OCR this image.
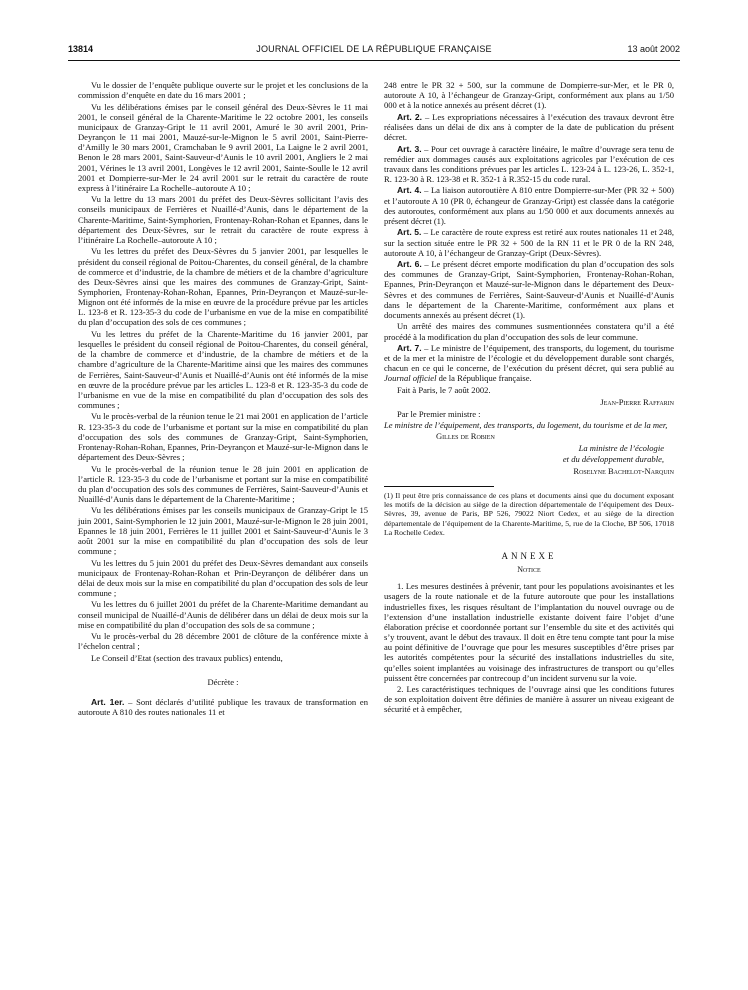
13814	JOURNAL OFFICIEL DE LA RÉPUBLIQUE FRANÇAISE	13 août 2002

Vu le dossier de l’enquête publique ouverte sur le projet et les conclusions de la commission d’enquête en date du 16 mars 2001 ;

Vu les délibérations émises par le conseil général des Deux-Sèvres le 11 mai 2001, le conseil général de la Charente-Maritime le 22 octobre 2001, les conseils municipaux de Granzay-Gript le 11 avril 2001, Amuré le 30 avril 2001, Prin-Deyrançon le 11 mai 2001, Mauzé-sur-le-Mignon le 5 avril 2001, Saint-Pierre-d’Amilly le 30 mars 2001, Cramchaban le 9 avril 2001, La Laigne le 2 avril 2001, Benon le 28 mars 2001, Saint-Sauveur-d’Aunis le 10 avril 2001, Angliers le 2 mai 2001, Vérines le 13 avril 2001, Longèves le 12 avril 2001, Sainte-Soulle le 12 avril 2001 et Dompierre-sur-Mer le 24 avril 2001 sur le retrait du caractère de route express à l’itinéraire La Rochelle–autoroute A 10 ;

Vu la lettre du 13 mars 2001 du préfet des Deux-Sèvres sollicitant l’avis des conseils municipaux de Ferrières et Nuaillé-d’Aunis, dans le département de la Charente-Maritime, Saint-Symphorien, Frontenay-Rohan-Rohan et Epannes, dans le département des Deux-Sèvres, sur le retrait du caractère de route express à l’itinéraire La Rochelle–autoroute A 10 ;

Vu les lettres du préfet des Deux-Sèvres du 5 janvier 2001, par lesquelles le président du conseil régional de Poitou-Charentes, du conseil général, de la chambre de commerce et d’industrie, de la chambre de métiers et de la chambre d’agriculture des Deux-Sèvres ainsi que les maires des communes de Granzay-Gript, Saint-Symphorien, Frontenay-Rohan-Rohan, Epannes, Prin-Deyrançon et Mauzé-sur-le-Mignon ont été informés de la mise en œuvre de la procédure prévue par les articles L. 123-8 et R. 123-35-3 du code de l’urbanisme en vue de la mise en compatibilité du plan d’occupation des sols de ces communes ;

Vu les lettres du préfet de la Charente-Maritime du 16 janvier 2001, par lesquelles le président du conseil régional de Poitou-Charentes, du conseil général, de la chambre de commerce et d’industrie, de la chambre de métiers et de la chambre d’agriculture de la Charente-Maritime ainsi que les maires des communes de Ferrières, Saint-Sauveur-d’Aunis et Nuaillé-d’Aunis ont été informés de la mise en œuvre de la procédure prévue par les articles L. 123-8 et R. 123-35-3 du code de l’urbanisme en vue de la mise en compatibilité du plan d’occupation des sols des communes ;

Vu le procès-verbal de la réunion tenue le 21 mai 2001 en application de l’article R. 123-35-3 du code de l’urbanisme et portant sur la mise en compatibilité du plan d’occupation des sols des communes de Granzay-Gript, Saint-Symphorien, Frontenay-Rohan-Rohan, Epannes, Prin-Deyrançon et Mauzé-sur-le-Mignon dans le département des Deux-Sèvres ;

Vu le procès-verbal de la réunion tenue le 28 juin 2001 en application de l’article R. 123-35-3 du code de l’urbanisme et portant sur la mise en compatibilité du plan d’occupation des sols des communes de Ferrières, Saint-Sauveur-d’Aunis et Nuaillé-d’Aunis dans le département de la Charente-Maritime ;

Vu les délibérations émises par les conseils municipaux de Granzay-Gript le 15 juin 2001, Saint-Symphorien le 12 juin 2001, Mauzé-sur-le-Mignon le 28 juin 2001, Epannes le 18 juin 2001, Ferrières le 11 juillet 2001 et Saint-Sauveur-d’Aunis le 3 août 2001 sur la mise en compatibilité du plan d’occupation des sols de leur commune ;

Vu les lettres du 5 juin 2001 du préfet des Deux-Sèvres demandant aux conseils municipaux de Frontenay-Rohan-Rohan et Prin-Deyrançon de délibérer dans un délai de deux mois sur la mise en compatibilité du plan d’occupation des sols de leur commune ;

Vu les lettres du 6 juillet 2001 du préfet de la Charente-Maritime demandant au conseil municipal de Nuaillé-d’Aunis de délibérer dans un délai de deux mois sur la mise en compatibilité du plan d’occupation des sols de sa commune ;

Vu le procès-verbal du 28 décembre 2001 de clôture de la conférence mixte à l’échelon central ;

Le Conseil d’Etat (section des travaux publics) entendu,

Décrète :

Art. 1er. – Sont déclarés d’utilité publique les travaux de transformation en autoroute A 810 des routes nationales 11 et

248 entre le PR 32 + 500, sur la commune de Dompierre-sur-Mer, et le PR 0, autoroute A 10, à l’échangeur de Granzay-Gript, conformément aux plans au 1/50 000 et à la notice annexés au présent décret (1).

Art. 2. – Les expropriations nécessaires à l’exécution des travaux devront être réalisées dans un délai de dix ans à compter de la date de publication du présent décret.

Art. 3. – Pour cet ouvrage à caractère linéaire, le maître d’ouvrage sera tenu de remédier aux dommages causés aux exploitations agricoles par l’exécution de ces travaux dans les conditions prévues par les articles L. 123-24 à L. 123-26, L. 352-1, R. 123-30 à R. 123-38 et R. 352-1 à R.352-15 du code rural.

Art. 4. – La liaison autoroutière A 810 entre Dompierre-sur-Mer (PR 32 + 500) et l’autoroute A 10 (PR 0, échangeur de Granzay-Gript) est classée dans la catégorie des autoroutes, conformément aux plans au 1/50 000 et aux documents annexés au présent décret (1).

Art. 5. – Le caractère de route express est retiré aux routes nationales 11 et 248, sur la section située entre le PR 32 + 500 de la RN 11 et le PR 0 de la RN 248, autoroute A 10, à l’échangeur de Granzay-Gript (Deux-Sèvres).

Art. 6. – Le présent décret emporte modification du plan d’occupation des sols des communes de Granzay-Gript, Saint-Symphorien, Frontenay-Rohan-Rohan, Epannes, Prin-Deyrançon et Mauzé-sur-le-Mignon dans le département des Deux-Sèvres et des communes de Ferrières, Saint-Sauveur-d’Aunis et Nuaillé-d’Aunis dans le département de la Charente-Maritime, conformément aux plans et documents annexés au présent décret (1).

Un arrêté des maires des communes susmentionnées constatera qu’il a été procédé à la modification du plan d’occupation des sols de leur commune.

Art. 7. – Le ministre de l’équipement, des transports, du logement, du tourisme et de la mer et la ministre de l’écologie et du développement durable sont chargés, chacun en ce qui le concerne, de l’exécution du présent décret, qui sera publié au Journal officiel de la République française.

Fait à Paris, le 7 août 2002.

Jean-Pierre Raffarin

Par le Premier ministre :

Le ministre de l’équipement, des transports, du logement, du tourisme et de la mer,

Gilles de Robien

La ministre de l’écologie

et du développement durable,

Roselyne Bachelot-Narquin

(1) Il peut être pris connaissance de ces plans et documents ainsi que du document exposant les motifs de la décision au siège de la direction départementale de l’équipement des Deux-Sèvres, 39, avenue de Paris, BP 526, 79022 Niort Cedex, et au siège de la direction départementale de l’équipement de la Charente-Maritime, 5, rue de la Cloche, BP 506, 17018 La Rochelle Cedex.

ANNEXE

Notice

1. Les mesures destinées à prévenir, tant pour les populations avoisinantes et les usagers de la route nationale et de la future autoroute que pour les installations industrielles fixes, les risques résultant de l’implantation du nouvel ouvrage ou de l’extension d’une installation industrielle existante doivent faire l’objet d’une élaboration précise et coordonnée portant sur l’ensemble du site et des activités qui s’y trouvent, avant le début des travaux. Il doit en être tenu compte tant pour la mise au point définitive de l’ouvrage que pour les mesures susceptibles d’être prises par les autorités compétentes pour la sécurité des installations industrielles du site, qu’elles soient implantées au voisinage des infrastructures de transport ou qu’elles puissent être concernées par contrecoup d’un incident survenu sur la voie.

2. Les caractéristiques techniques de l’ouvrage ainsi que les conditions futures de son exploitation doivent être définies de manière à assurer un niveau exigeant de sécurité et à empêcher,
